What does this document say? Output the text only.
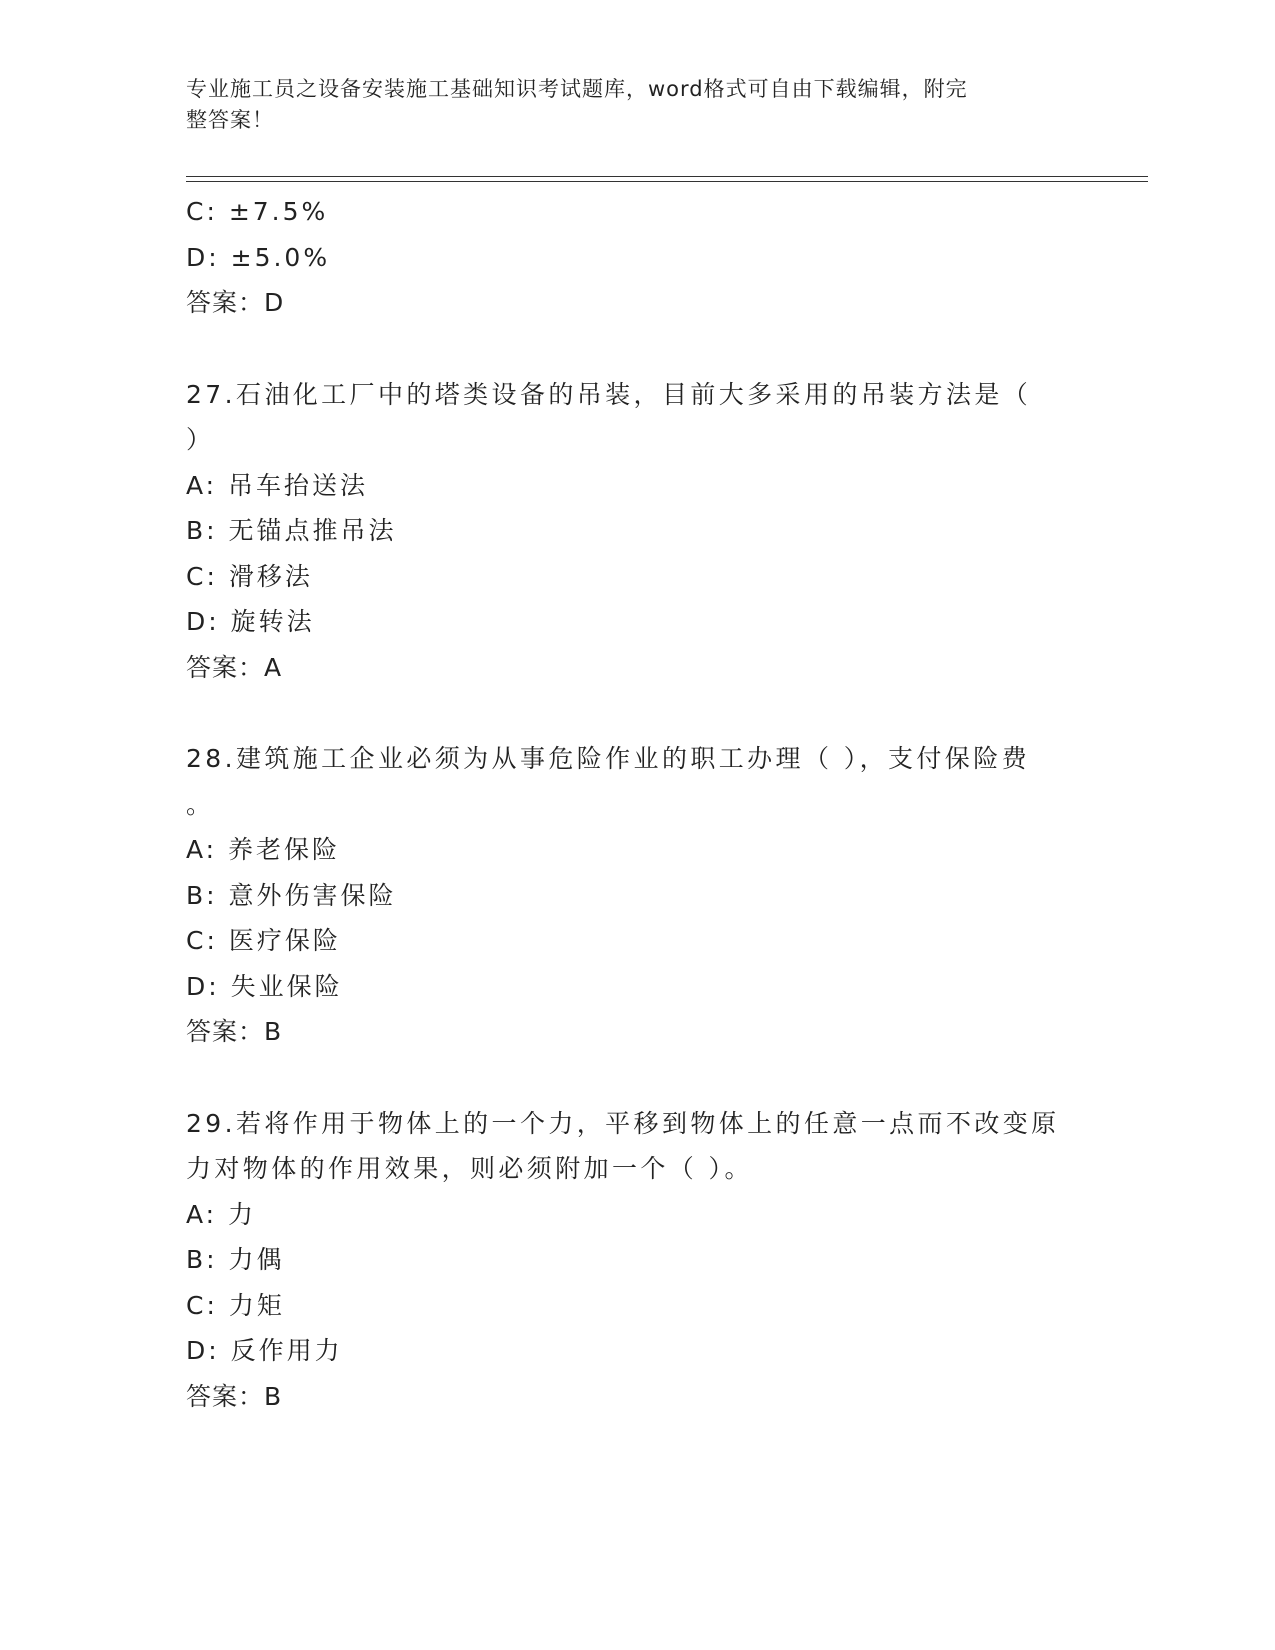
专业施工员之设备安装施工基础知识考试题库，word格式可自由下载编辑，附完
整答案！
C: ±7.5%
D: ±5.0%
答案：D
27.石油化工厂中的塔类设备的吊装，目前大多采用的吊装方法是（
）
A: 吊车抬送法
B: 无锚点推吊法
C: 滑移法
D: 旋转法
答案：A
28.建筑施工企业必须为从事危险作业的职工办理（ ），支付保险费
。
A: 养老保险
B: 意外伤害保险
C: 医疗保险
D: 失业保险
答案：B
29.若将作用于物体上的一个力，平移到物体上的任意一点而不改变原
力对物体的作用效果，则必须附加一个（ ）。
A: 力
B: 力偶
C: 力矩
D: 反作用力
答案：B
